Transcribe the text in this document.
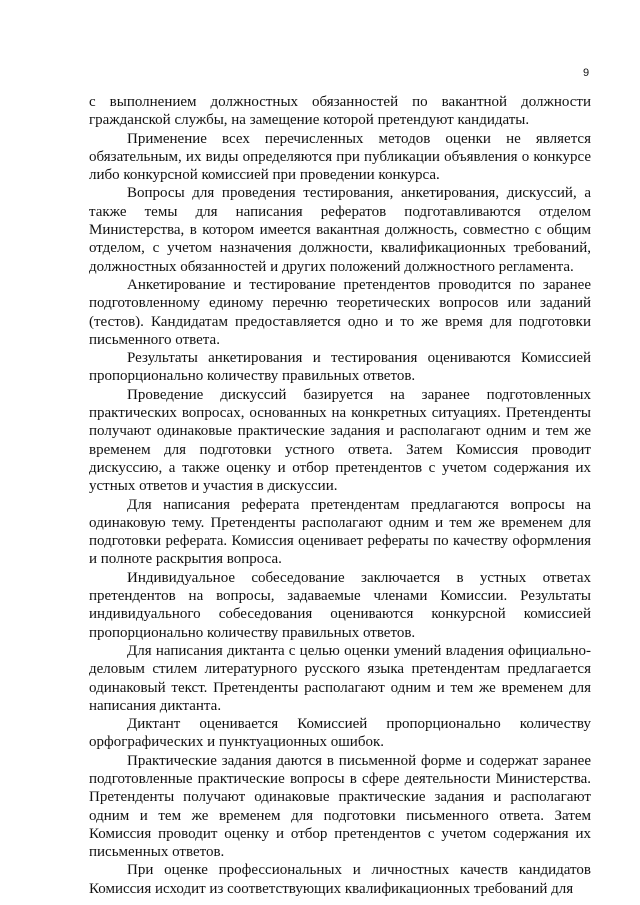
9

с выполнением должностных обязанностей по вакантной должности гражданской службы, на замещение которой претендуют кандидаты.

Применение всех перечисленных методов оценки не является обязательным, их виды определяются при публикации объявления о конкурсе либо конкурсной комиссией при проведении конкурса.

Вопросы для проведения тестирования, анкетирования, дискуссий, а также темы для написания рефератов подготавливаются отделом Министерства, в котором имеется вакантная должность, совместно с общим отделом, с учетом назначения должности, квалификационных требований, должностных обязанностей и других положений должностного регламента.

Анкетирование и тестирование претендентов проводится по заранее подготовленному единому перечню теоретических вопросов или заданий (тестов). Кандидатам предоставляется одно и то же время для подготовки письменного ответа.

Результаты анкетирования и тестирования оцениваются Комиссией пропорционально количеству правильных ответов.

Проведение дискуссий базируется на заранее подготовленных практических вопросах, основанных на конкретных ситуациях. Претенденты получают одинаковые практические задания и располагают одним и тем же временем для подготовки устного ответа. Затем Комиссия проводит дискуссию, а также оценку и отбор претендентов с учетом содержания их устных ответов и участия в дискуссии.

Для написания реферата претендентам предлагаются вопросы на одинаковую тему. Претенденты располагают одним и тем же временем для подготовки реферата. Комиссия оценивает рефераты по качеству оформления и полноте раскрытия вопроса.

Индивидуальное собеседование заключается в устных ответах претендентов на вопросы, задаваемые членами Комиссии. Результаты индивидуального собеседования оцениваются конкурсной комиссией пропорционально количеству правильных ответов.

Для написания диктанта с целью оценки умений владения официально-деловым стилем литературного русского языка претендентам предлагается одинаковый текст. Претенденты располагают одним и тем же временем для написания диктанта.

Диктант оценивается Комиссией пропорционально количеству орфографических и пунктуационных ошибок.

Практические задания даются в письменной форме и содержат заранее подготовленные практические вопросы в сфере деятельности Министерства. Претенденты получают одинаковые практические задания и располагают одним и тем же временем для подготовки письменного ответа. Затем Комиссия проводит оценку и отбор претендентов с учетом содержания их письменных ответов.

При оценке профессиональных и личностных качеств кандидатов Комиссия исходит из соответствующих квалификационных требований для
